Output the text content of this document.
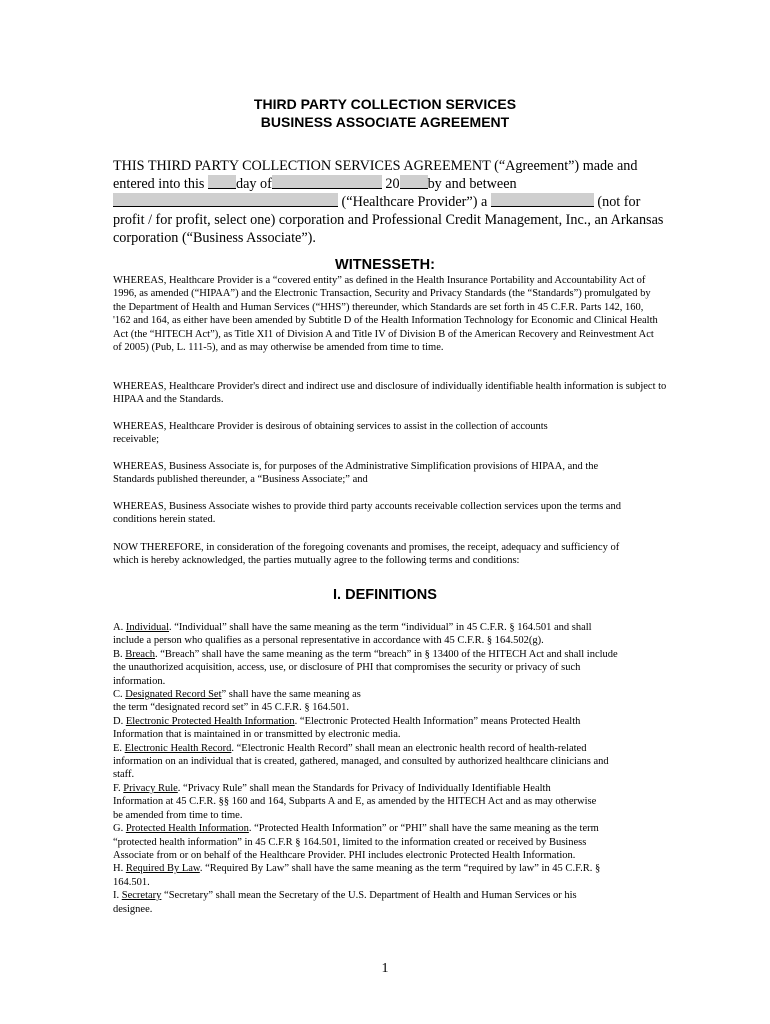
THIRD PARTY COLLECTION SERVICES
BUSINESS ASSOCIATE AGREEMENT

THIS THIRD PARTY COLLECTION SERVICES AGREEMENT (“Agreement”) made and entered into this day of	20 by and between  (“Healthcare Provider”) a	(not for profit / for profit, select one) corporation and Professional Credit Management, Inc., an Arkansas corporation (“Business Associate”).

WITNESSETH:

WHEREAS, Healthcare Provider is a “covered entity” as defined in the Health Insurance Portability and Accountability Act of 1996, as amended (“HIPAA”) and the Electronic Transaction, Security and Privacy Standards (the “Standards”) promulgated by the Department of Health and Human Services (“HHS”) thereunder, which Standards are set forth in 45 C.F.R. Parts 142, 160, '162 and 164, as either have been amended by Subtitle D of the Health Information Technology for Economic and Clinical Health Act (the “HITECH Act”), as Title XI1 of Division A and Title IV of Division B of the American Recovery and Reinvestment Act of 2005) (Pub, L. 111-5), and as may otherwise be amended from time to time.

WHEREAS, Healthcare Provider's direct and indirect use and disclosure of individually identifiable health information is subject to HIPAA and the Standards.

WHEREAS, Healthcare Provider is desirous of obtaining services to assist in the collection of accounts receivable;

WHEREAS, Business Associate is, for purposes of the Administrative Simplification provisions of HIPAA, and the Standards published thereunder, a “Business Associate;” and

WHEREAS, Business Associate wishes to provide third party accounts receivable collection services upon the terms and conditions herein stated.

NOW THEREFORE, in consideration of the foregoing covenants and promises, the receipt, adequacy and sufficiency of which is hereby acknowledged, the parties mutually agree to the following terms and conditions:

I. DEFINITIONS

A. Individual. “Individual” shall have the same meaning as the term “individual” in 45 C.F.R. § 164.501 and shall include a person who qualifies as a personal representative in accordance with 45 C.F.R. § 164.502(g).

B. Breach. “Breach” shall have the same meaning as the term “breach” in § 13400 of the HITECH Act and shall include the unauthorized acquisition, access, use, or disclosure of PHI that compromises the security or privacy of such information.

C. Designated Record Set” shall have the same meaning as the term “designated record set” in 45 C.F.R. § 164.501.

D. Electronic Protected Health Information. “Electronic Protected Health Information” means Protected Health Information that is maintained in or transmitted by electronic media.

E. Electronic Health Record. “Electronic Health Record” shall mean an electronic health record of health-related information on an individual that is created, gathered, managed, and consulted by authorized healthcare clinicians and staff.

F. Privacy Rule. “Privacy Rule” shall mean the Standards for Privacy of Individually Identifiable Health Information at 45 C.F.R. §§ 160 and 164, Subparts A and E, as amended by the HITECH Act and as may otherwise be amended from time to time.

G. Protected Health Information. “Protected Health Information” or “PHI” shall have the same meaning as the term “protected health information” in 45 C.F.R § 164.501, limited to the information created or received by Business Associate from or on behalf of the Healthcare Provider. PHI includes electronic Protected Health Information.

H. Required By Law. “Required By Law” shall have the same meaning as the term “required by law” in 45 C.F.R. § 164.501.

I. Secretary “Secretary” shall mean the Secretary of the U.S. Department of Health and Human Services or his designee.

1
